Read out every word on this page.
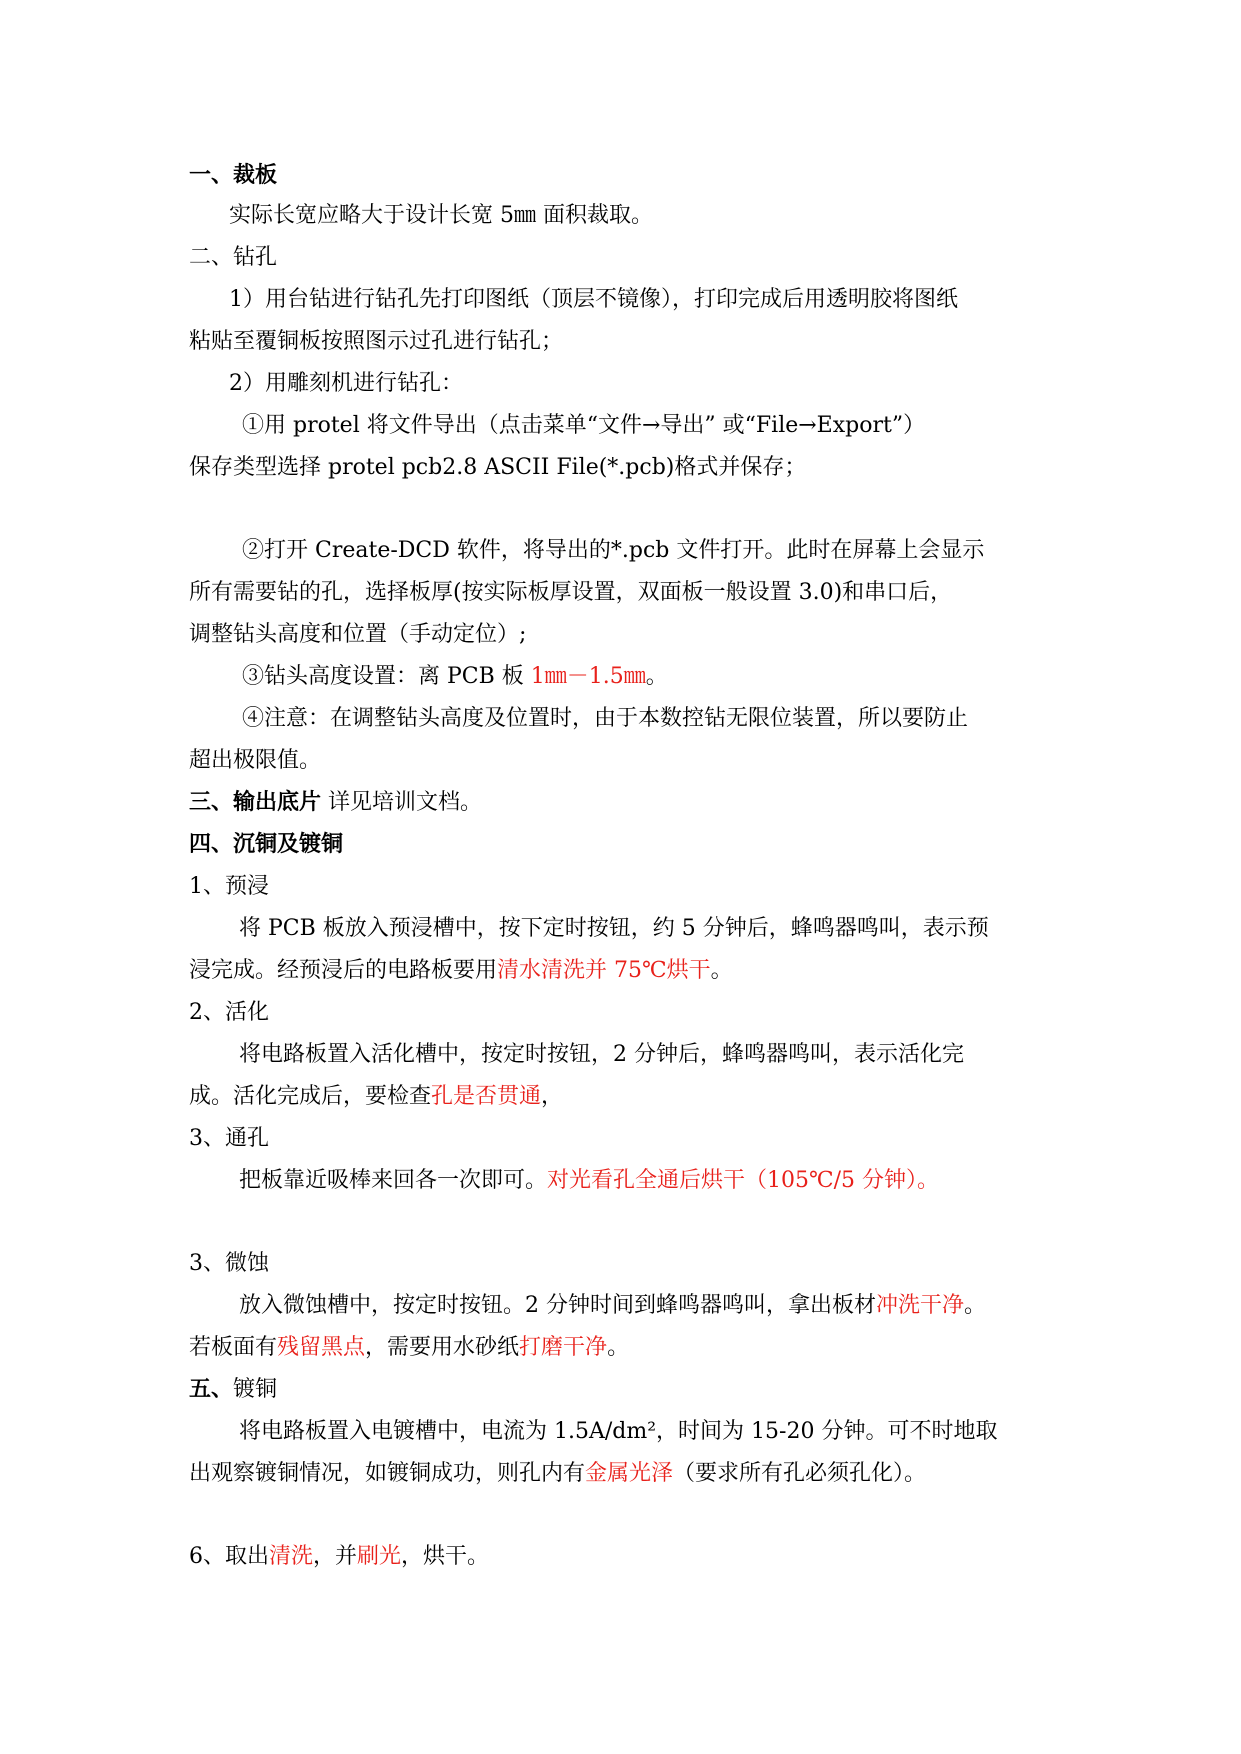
一、裁板
实际长宽应略大于设计长宽 5㎜ 面积裁取。
二、钻孔
1）用台钻进行钻孔先打印图纸（顶层不镜像），打印完成后用透明胶将图纸
粘贴至覆铜板按照图示过孔进行钻孔；
2）用雕刻机进行钻孔：
①用 protel 将文件导出（点击菜单“文件→导出” 或“File→Export”）
保存类型选择 protel pcb2.8 ASCII File(*.pcb)格式并保存；
②打开 Create-DCD 软件，将导出的*.pcb 文件打开。此时在屏幕上会显示
所有需要钻的孔，选择板厚(按实际板厚设置，双面板一般设置 3.0)和串口后，
调整钻头高度和位置（手动定位）;
③钻头高度设置：离 PCB 板 1㎜－1.5㎜。
④注意：在调整钻头高度及位置时，由于本数控钻无限位装置，所以要防止
超出极限值。
三、输出底片 详见培训文档。
四、沉铜及镀铜
1、预浸
将 PCB 板放入预浸槽中，按下定时按钮，约 5 分钟后，蜂鸣器鸣叫，表示预
浸完成。经预浸后的电路板要用清水清洗并 75℃烘干。
2、活化
将电路板置入活化槽中，按定时按钮，2 分钟后，蜂鸣器鸣叫，表示活化完
成。活化完成后，要检查孔是否贯通，
3、通孔
把板靠近吸棒来回各一次即可。对光看孔全通后烘干（105℃/5 分钟）。
3、微蚀
放入微蚀槽中，按定时按钮。2 分钟时间到蜂鸣器鸣叫，拿出板材冲洗干净。
若板面有残留黑点，需要用水砂纸打磨干净。
五、镀铜
将电路板置入电镀槽中，电流为 1.5A/dm²，时间为 15-20 分钟。可不时地取
出观察镀铜情况，如镀铜成功，则孔内有金属光泽（要求所有孔必须孔化）。
6、取出清洗，并刷光，烘干。
